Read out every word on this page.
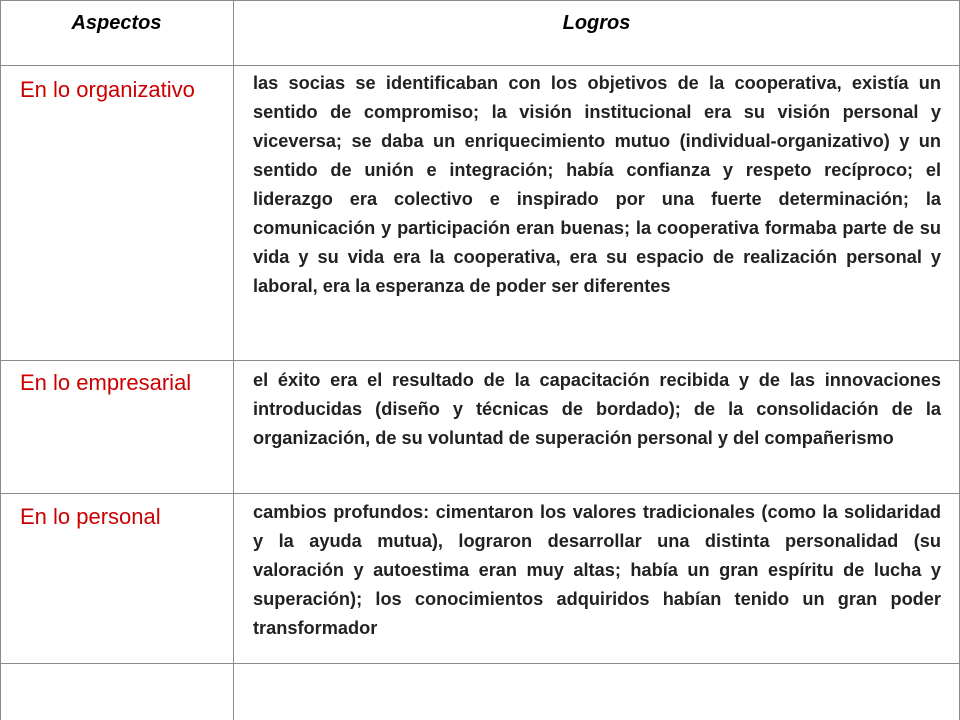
Aspectos	Logros
En lo organizativo	las socias se identificaban con los objetivos de la cooperativa, existía un sentido de compromiso; la visión institucional era su visión personal y viceversa; se daba un enriquecimiento mutuo (individual-organizativo) y un sentido de unión e integración; había confianza y respeto recíproco; el liderazgo era colectivo e inspirado por una fuerte determinación; la comunicación y participación eran buenas; la cooperativa formaba parte de su vida y su vida era la cooperativa, era su espacio de realización personal y laboral, era la esperanza de poder ser diferentes
En lo empresarial	el éxito era el resultado de la capacitación recibida y de las innovaciones introducidas (diseño y técnicas de bordado); de la consolidación de la organización, de su voluntad de superación personal y del compañerismo
En lo personal	cambios profundos: cimentaron los valores tradicionales (como la solidaridad y la ayuda mutua), lograron desarrollar una distinta personalidad (su valoración y autoestima eran muy altas; había un gran espíritu de lucha y superación); los conocimientos adquiridos habían tenido un gran poder transformador
